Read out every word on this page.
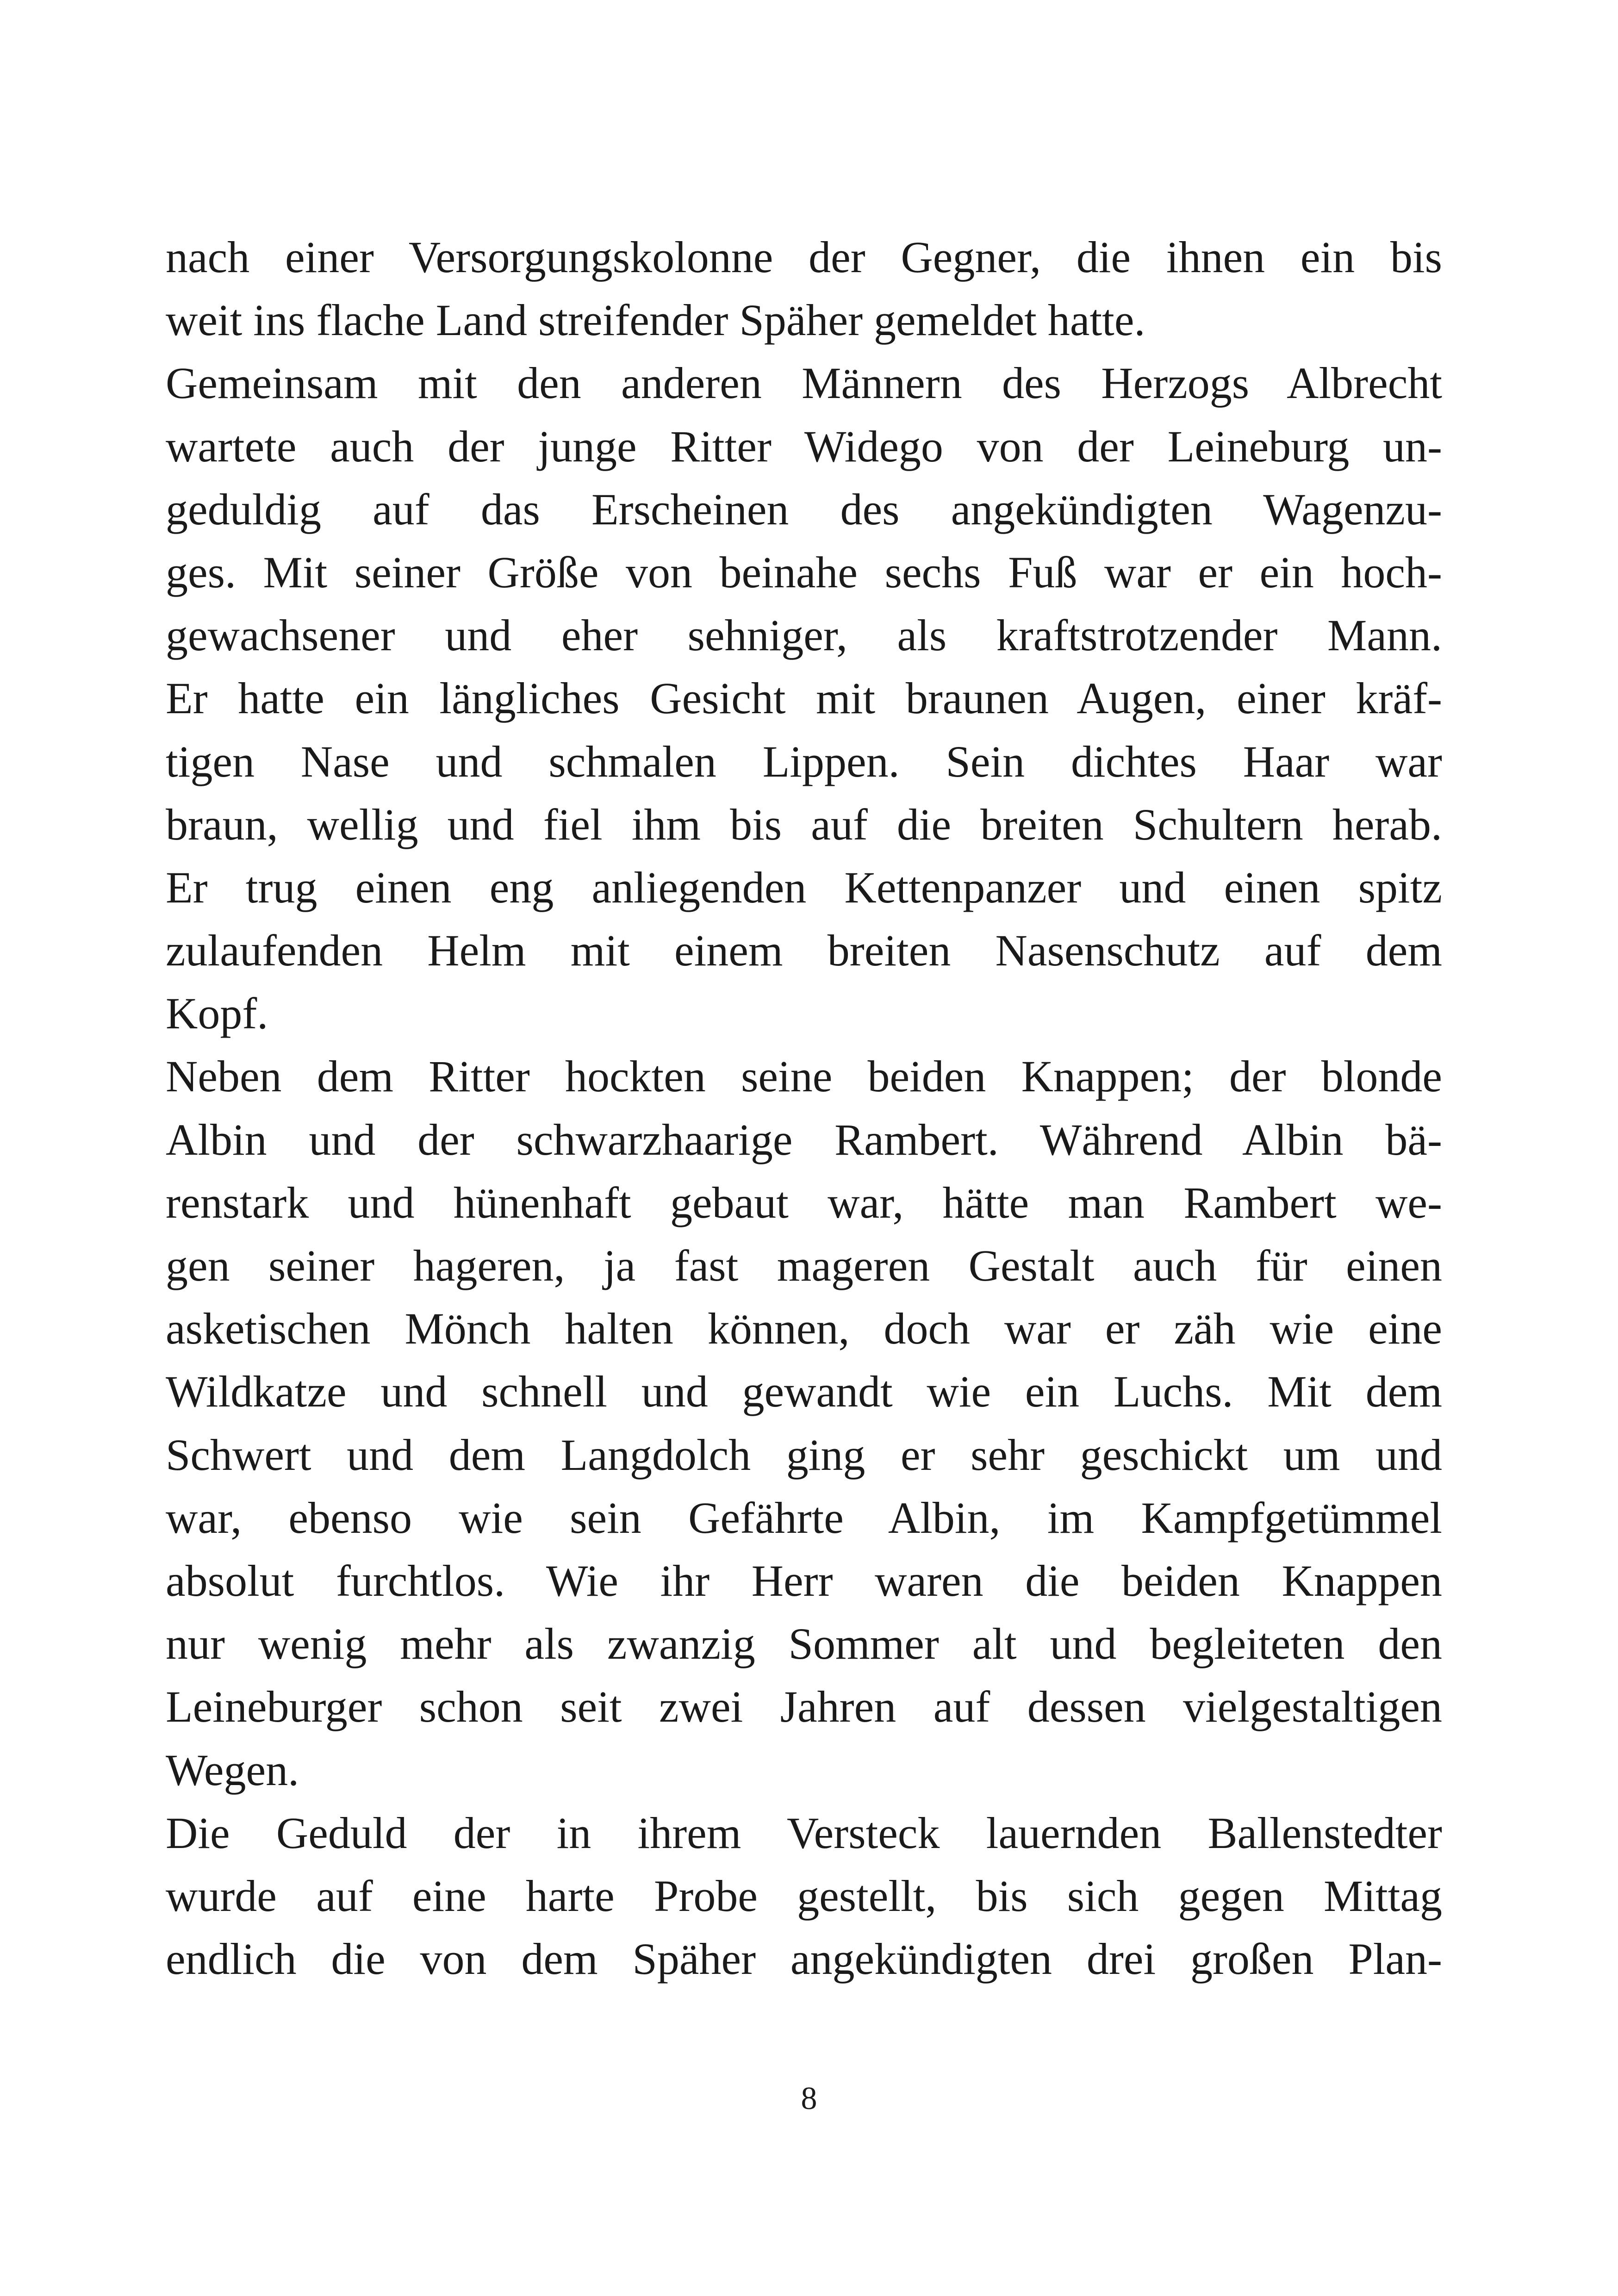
nach einer Versorgungskolonne der Gegner, die ihnen ein bis
weit ins flache Land streifender Späher gemeldet hatte.
Gemeinsam mit den anderen Männern des Herzogs Albrecht
wartete auch der junge Ritter Widego von der Leineburg un-
geduldig auf das Erscheinen des angekündigten Wagenzu-
ges. Mit seiner Größe von beinahe sechs Fuß war er ein hoch-
gewachsener und eher sehniger, als kraftstrotzender Mann.
Er hatte ein längliches Gesicht mit braunen Augen, einer kräf-
tigen Nase und schmalen Lippen. Sein dichtes Haar war
braun, wellig und fiel ihm bis auf die breiten Schultern herab.
Er trug einen eng anliegenden Kettenpanzer und einen spitz
zulaufenden Helm mit einem breiten Nasenschutz auf dem
Kopf.
Neben dem Ritter hockten seine beiden Knappen; der blonde
Albin und der schwarzhaarige Rambert. Während Albin bä-
renstark und hünenhaft gebaut war, hätte man Rambert we-
gen seiner hageren, ja fast mageren Gestalt auch für einen
asketischen Mönch halten können, doch war er zäh wie eine
Wildkatze und schnell und gewandt wie ein Luchs. Mit dem
Schwert und dem Langdolch ging er sehr geschickt um und
war, ebenso wie sein Gefährte Albin, im Kampfgetümmel
absolut furchtlos. Wie ihr Herr waren die beiden Knappen
nur wenig mehr als zwanzig Sommer alt und begleiteten den
Leineburger schon seit zwei Jahren auf dessen vielgestaltigen
Wegen.
Die Geduld der in ihrem Versteck lauernden Ballenstedter
wurde auf eine harte Probe gestellt, bis sich gegen Mittag
endlich die von dem Späher angekündigten drei großen Plan-
8
